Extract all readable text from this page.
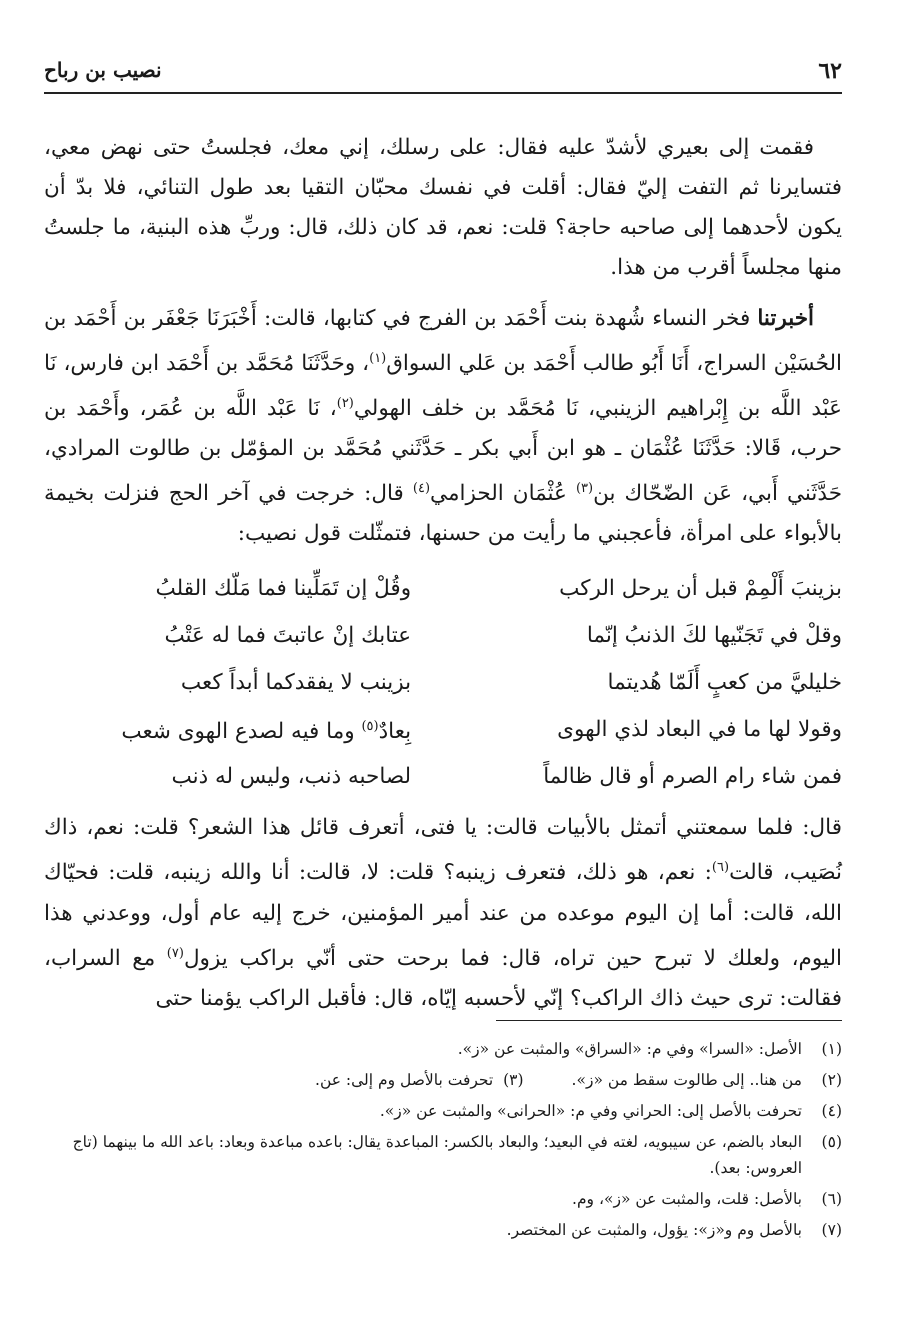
٦٢
نصيب بن رباح

فقمت إلى بعيري لأشدّ عليه فقال: على رسلك، إني معك، فجلستُ حتى نهض معي، فتسايرنا ثم التفت إليّ فقال: أقلت في نفسك محبّان التقيا بعد طول التنائي، فلا بدّ أن يكون لأحدهما إلى صاحبه حاجة؟ قلت: نعم، قد كان ذلك، قال: وربِّ هذه البنية، ما جلستُ منها مجلساً أقرب من هذا.

أخبرتنا فخر النساء شُهدة بنت أَحْمَد بن الفرج في كتابها، قالت: أَخْبَرَنَا جَعْفَر بن أَحْمَد بن الحُسَيْن السراج، أَنَا أَبُو طالب أَحْمَد بن عَلي السواق$^{(١)}$، وحَدَّثَنَا مُحَمَّد بن أَحْمَد ابن فارس، نَا عَبْد اللَّه بن إِبْراهيم الزينبي، نَا مُحَمَّد بن خلف الهولي$^{(٢)}$، نَا عَبْد اللَّه بن عُمَر، وأَحْمَد بن حرب، قَالا: حَدَّثَنَا عُثْمَان ـ هو ابن أَبي بكر ـ حَدَّثَني مُحَمَّد بن المؤمّل بن طالوت المرادي، حَدَّثَني أَبي، عَن الضّحّاك بن$^{(٣)}$ عُثْمَان الحزامي$^{(٤)}$ قال: خرجت في آخر الحج فنزلت بخيمة بالأبواء على امرأة، فأعجبني ما رأيت من حسنها، فتمثّلت قول نصيب:

بزينبَ أَلْمِمْ قبل أن يرحل الركب
وقُلْ إن تَمَلِّينا فما مَلّك القلبُ
وقلْ في تَجَنّيها لكَ الذنبُ إنّما
عتابك إنْ عاتبتَ فما له عَتْبُ
خليليَّ من كعبٍ أَلَمّا هُديتما
بزينب لا يفقدكما أبداً كعب
وقولا لها ما في البعاد لذي الهوى
بِعادٌ$^{(٥)}$ وما فيه لصدع الهوى شعب
فمن شاء رام الصرم أو قال ظالماً
لصاحبه ذنب، وليس له ذنب

قال: فلما سمعتني أتمثل بالأبيات قالت: يا فتى، أتعرف قائل هذا الشعر؟ قلت: نعم، ذاك نُصَيب، قالت$^{(٦)}$: نعم، هو ذلك، فتعرف زينبه؟ قلت: لا، قالت: أنا والله زينبه، قلت: فحيّاك الله، قالت: أما إن اليوم موعده من عند أمير المؤمنين، خرج إليه عام أول، ووعدني هذا اليوم، ولعلك لا تبرح حين تراه، قال: فما برحت حتى أنّي براكب يزول$^{(٧)}$ مع السراب، فقالت: ترى حيث ذاك الراكب؟ إنّي لأحسبه إيّاه، قال: فأقبل الراكب يؤمنا حتى

(١)
الأصل: «السرا» وفي م: «السراق» والمثبت عن «ز».
(٢)
من هنا.. إلى طالوت سقط من «ز».(٣)  تحرفت بالأصل وم إلى: عن.
(٤)
تحرفت بالأصل إلى: الحراني وفي م: «الحرانى» والمثبت عن «ز».
(٥)
البعاد بالضم، عن سيبويه، لغته في البعيد؛ والبعاد بالكسر: المباعدة يقال: باعده مباعدة وبعاد: باعد الله ما بينهما (تاج العروس: بعد).
(٦)
بالأصل: قلت، والمثبت عن «ز»، وم.
(٧)
بالأصل وم و«ز»: يؤول، والمثبت عن المختصر.
